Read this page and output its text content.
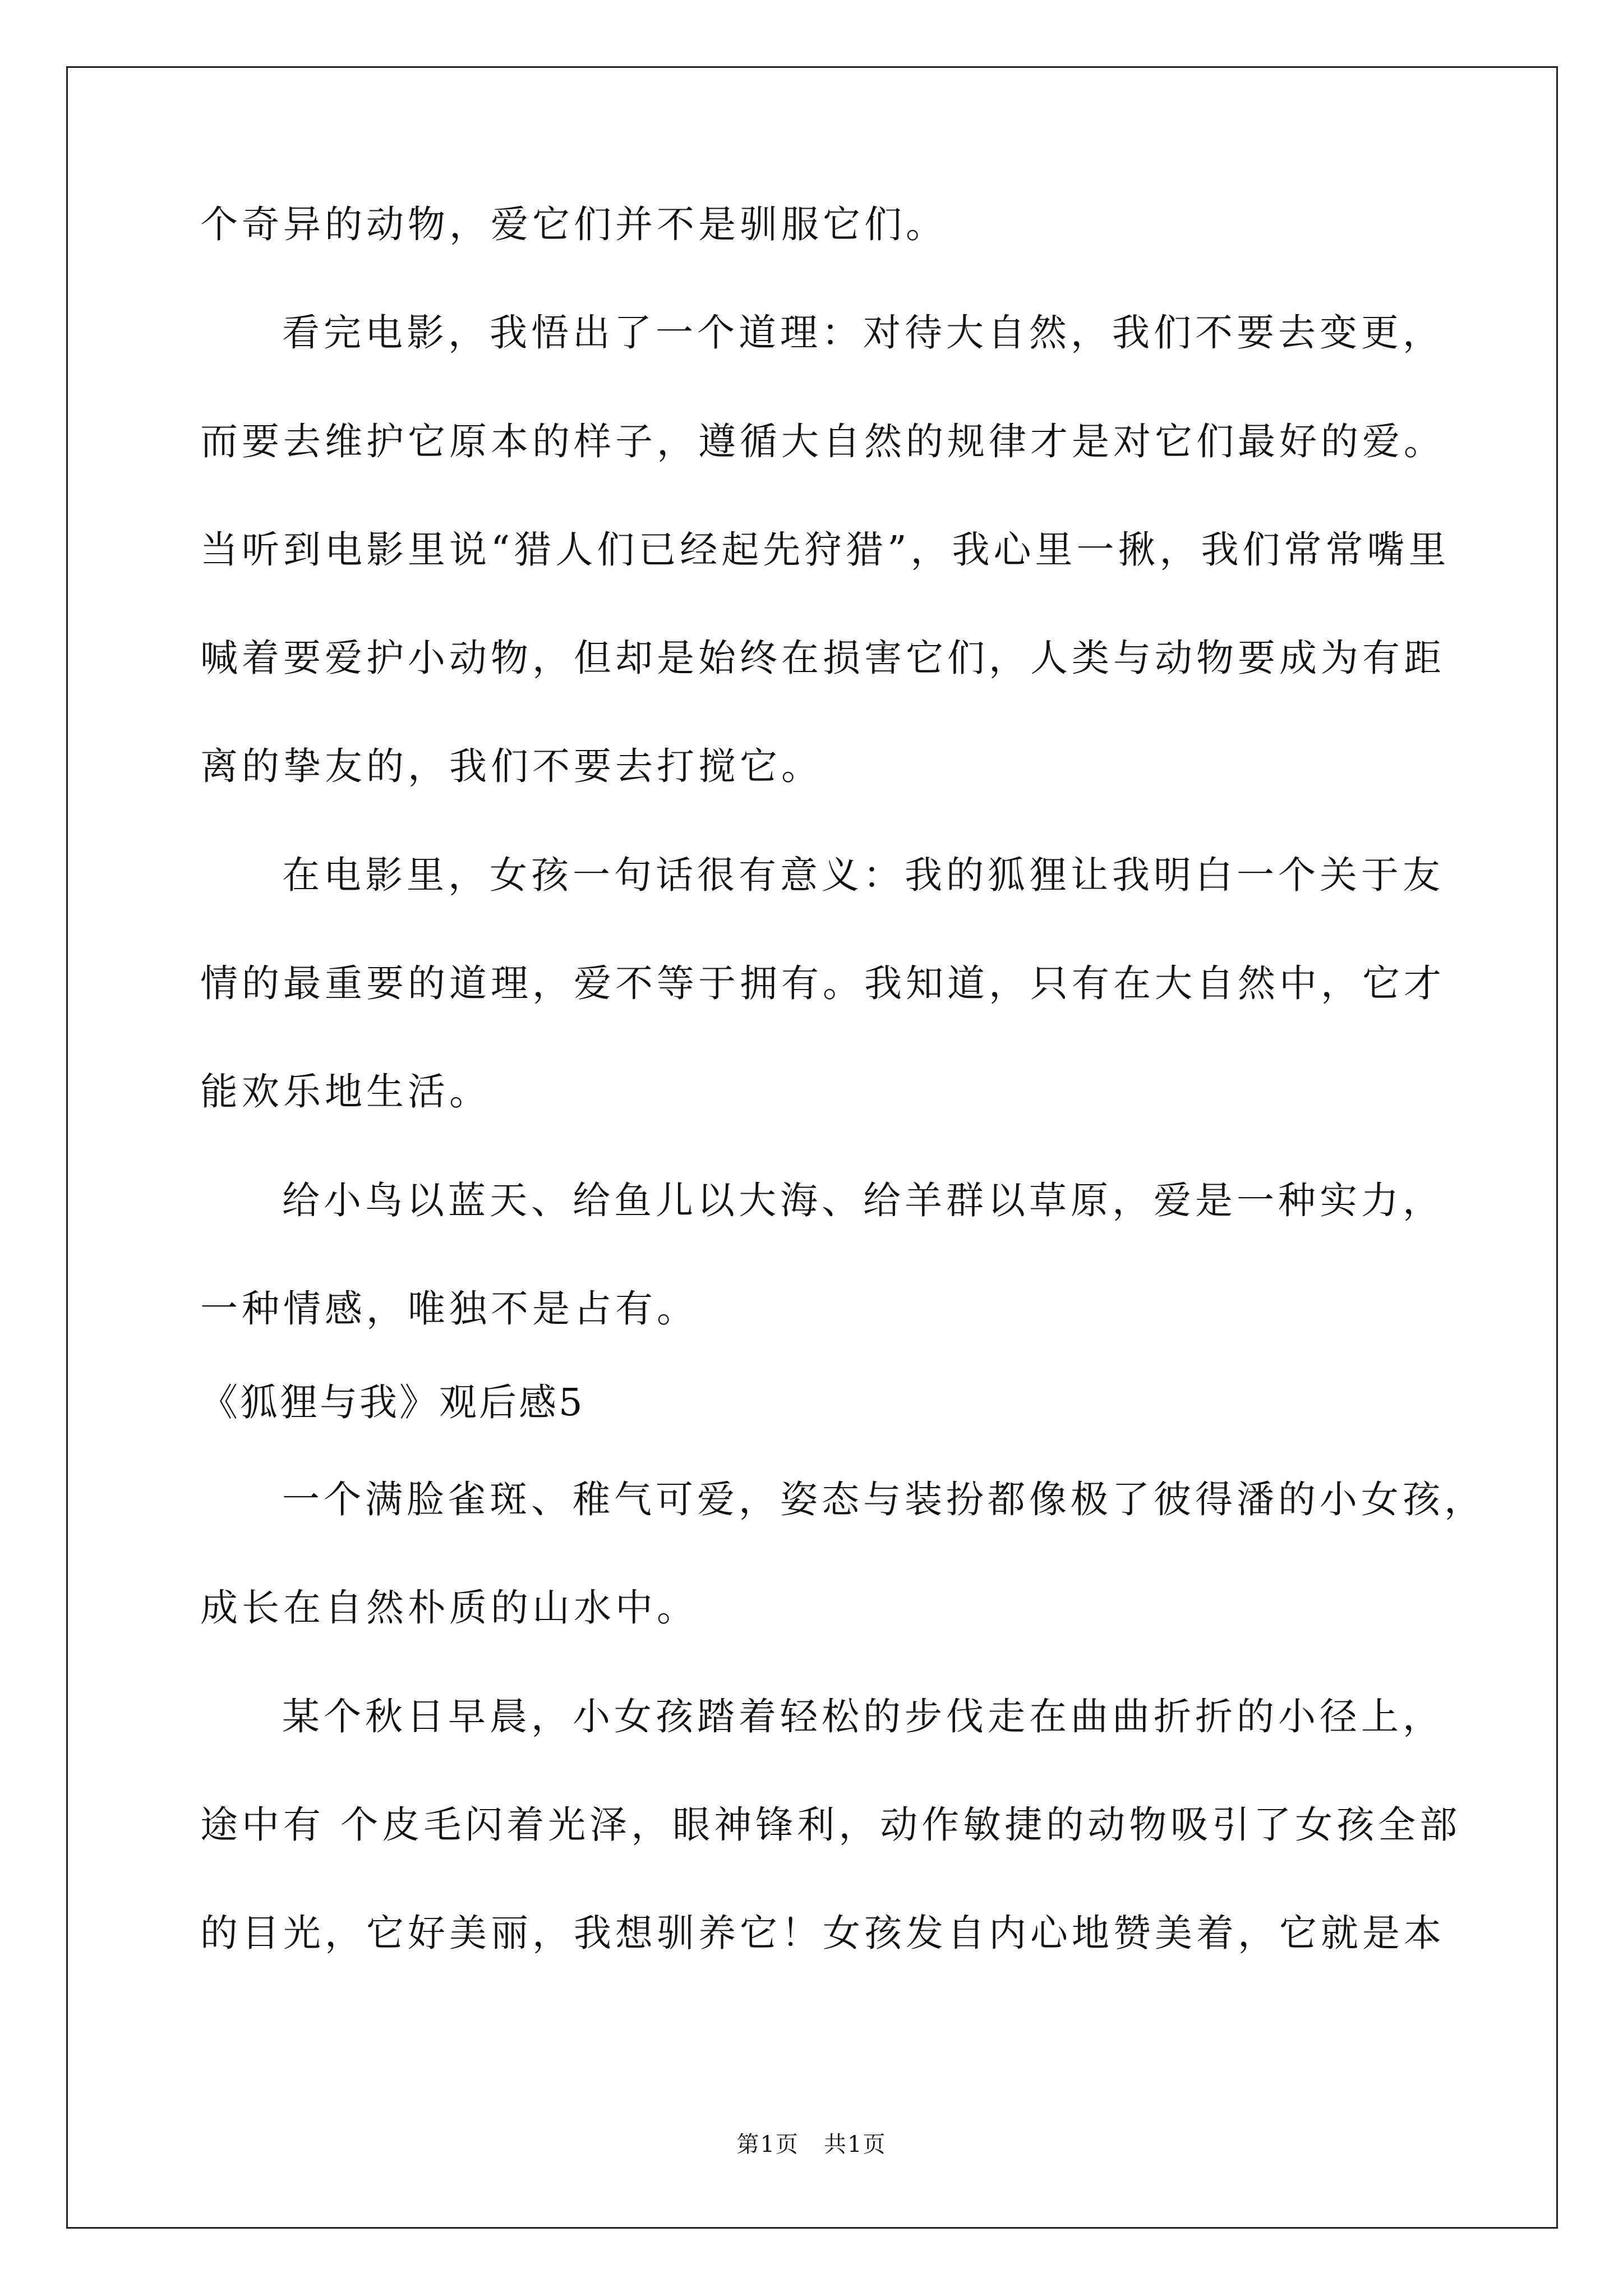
个奇异的动物，爱它们并不是驯服它们。
看完电影，我悟出了一个道理：对待大自然，我们不要去变更，
而要去维护它原本的样子，遵循大自然的规律才是对它们最好的爱。
当听到电影里说“猎人们已经起先狩猎”，我心里一揪，我们常常嘴里
喊着要爱护小动物，但却是始终在损害它们，人类与动物要成为有距
离的挚友的，我们不要去打搅它。
在电影里，女孩一句话很有意义：我的狐狸让我明白一个关于友
情的最重要的道理，爱不等于拥有。我知道，只有在大自然中，它才
能欢乐地生活。
给小鸟以蓝天、给鱼儿以大海、给羊群以草原，爱是一种实力，
一种情感，唯独不是占有。
《狐狸与我》观后感5
一个满脸雀斑、稚气可爱，姿态与装扮都像极了彼得潘的小女孩，
成长在自然朴质的山水中。
某个秋日早晨，小女孩踏着轻松的步伐走在曲曲折折的小径上，
途中有 个皮毛闪着光泽，眼神锋利，动作敏捷的动物吸引了女孩全部
的目光，它好美丽，我想驯养它！女孩发自内心地赞美着，它就是本
第1页   共1页
